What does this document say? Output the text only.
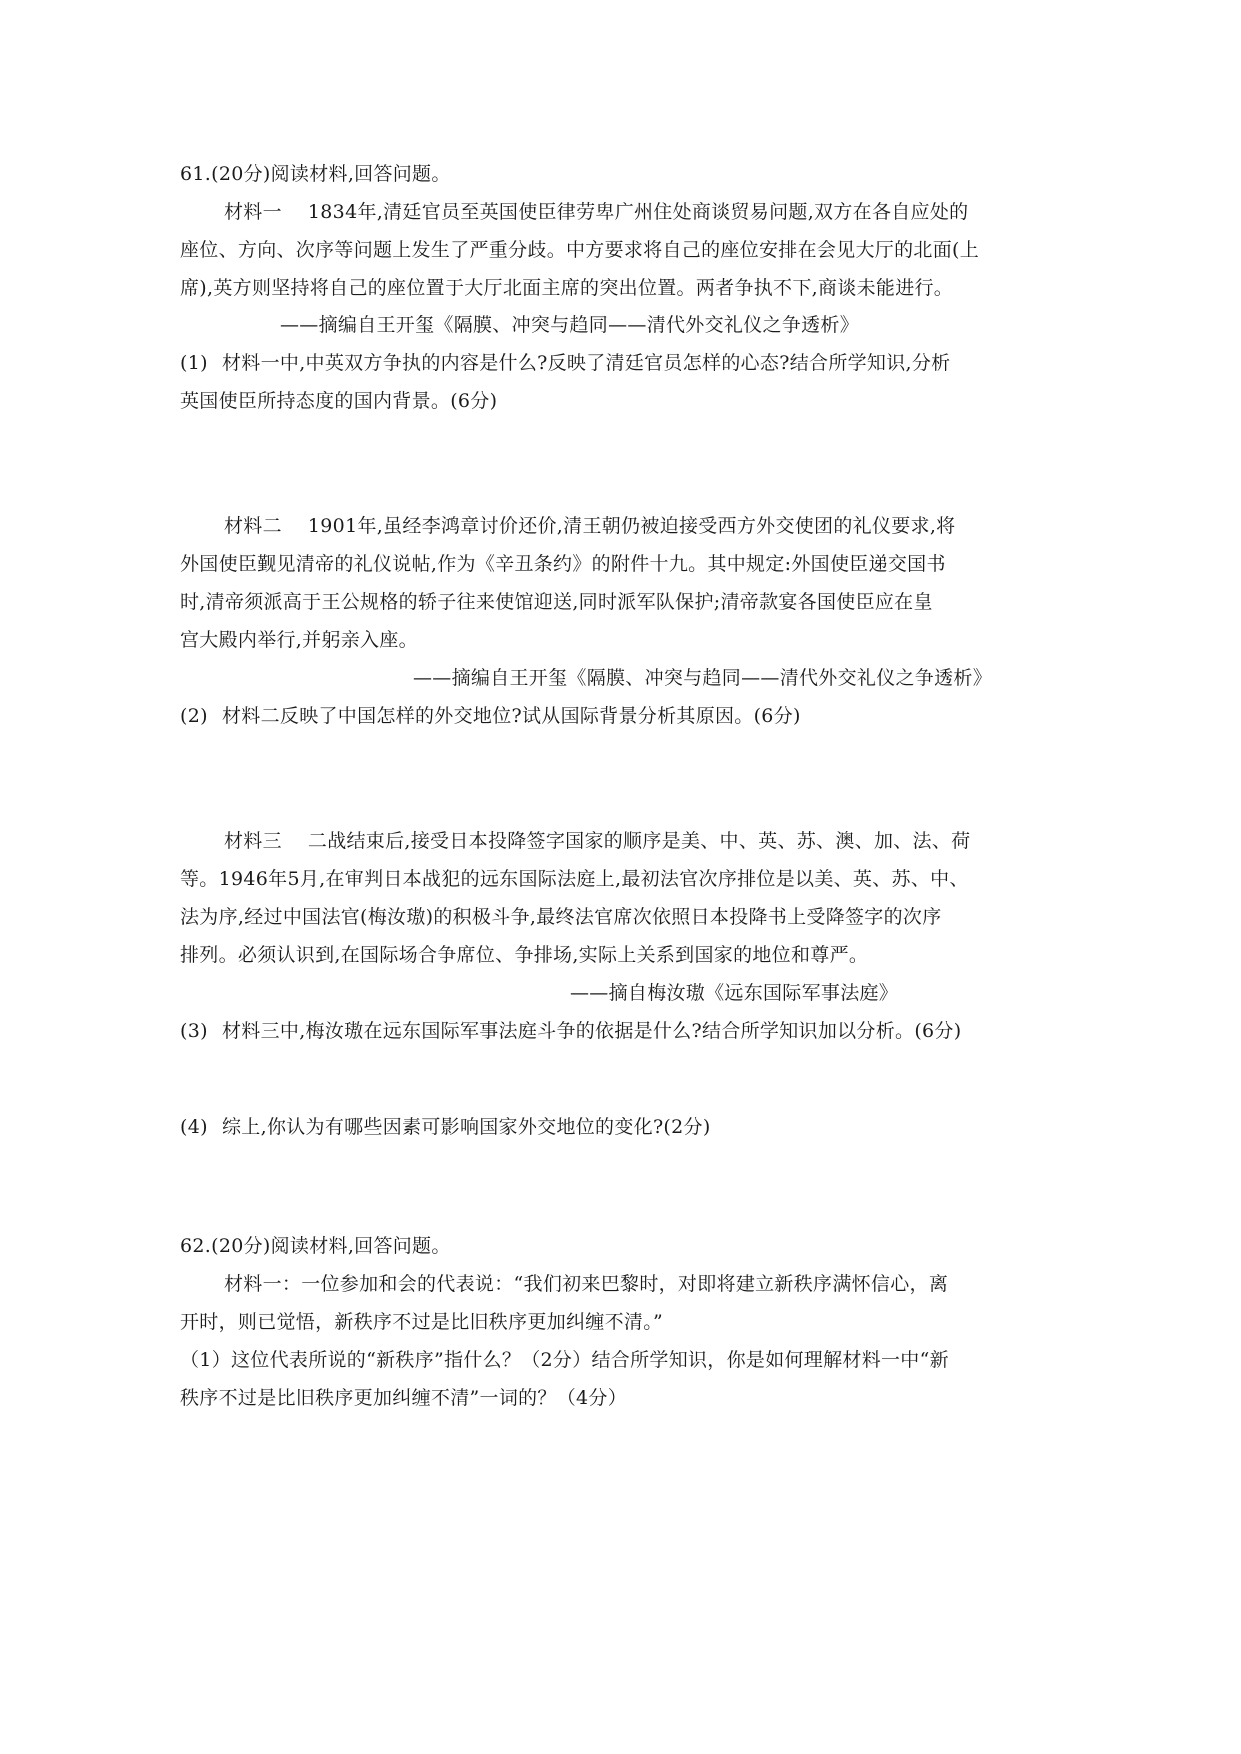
61.(20分)阅读材料,回答问题。
材料一 1834年,清廷官员至英国使臣律劳卑广州住处商谈贸易问题,双方在各自应处的
座位、方向、次序等问题上发生了严重分歧。中方要求将自己的座位安排在会见大厅的北面(上
席),英方则坚持将自己的座位置于大厅北面主席的突出位置。两者争执不下,商谈未能进行。
——摘编自王开玺《隔膜、冲突与趋同——清代外交礼仪之争透析》
(1) 材料一中,中英双方争执的内容是什么?反映了清廷官员怎样的心态?结合所学知识,分析
英国使臣所持态度的国内背景。(6分)
材料二 1901年,虽经李鸿章讨价还价,清王朝仍被迫接受西方外交使团的礼仪要求,将
外国使臣觐见清帝的礼仪说帖,作为《辛丑条约》的附件十九。其中规定:外国使臣递交国书
时,清帝须派高于王公规格的轿子往来使馆迎送,同时派军队保护;清帝款宴各国使臣应在皇
宫大殿内举行,并躬亲入座。
——摘编自王开玺《隔膜、冲突与趋同——清代外交礼仪之争透析》
(2) 材料二反映了中国怎样的外交地位?试从国际背景分析其原因。(6分)
材料三 二战结束后,接受日本投降签字国家的顺序是美、中、英、苏、澳、加、法、荷
等。1946年5月,在审判日本战犯的远东国际法庭上,最初法官次序排位是以美、英、苏、中、
法为序,经过中国法官(梅汝璈)的积极斗争,最终法官席次依照日本投降书上受降签字的次序
排列。必须认识到,在国际场合争席位、争排场,实际上关系到国家的地位和尊严。
——摘自梅汝璈《远东国际军事法庭》
(3) 材料三中,梅汝璈在远东国际军事法庭斗争的依据是什么?结合所学知识加以分析。(6分)
(4) 综上,你认为有哪些因素可影响国家外交地位的变化?(2分)
62.(20分)阅读材料,回答问题。
材料一：一位参加和会的代表说：“我们初来巴黎时，对即将建立新秩序满怀信心，离
开时，则已觉悟，新秩序不过是比旧秩序更加纠缠不清。”
（1）这位代表所说的“新秩序”指什么？（2分）结合所学知识，你是如何理解材料一中“新
秩序不过是比旧秩序更加纠缠不清”一词的？（4分）
